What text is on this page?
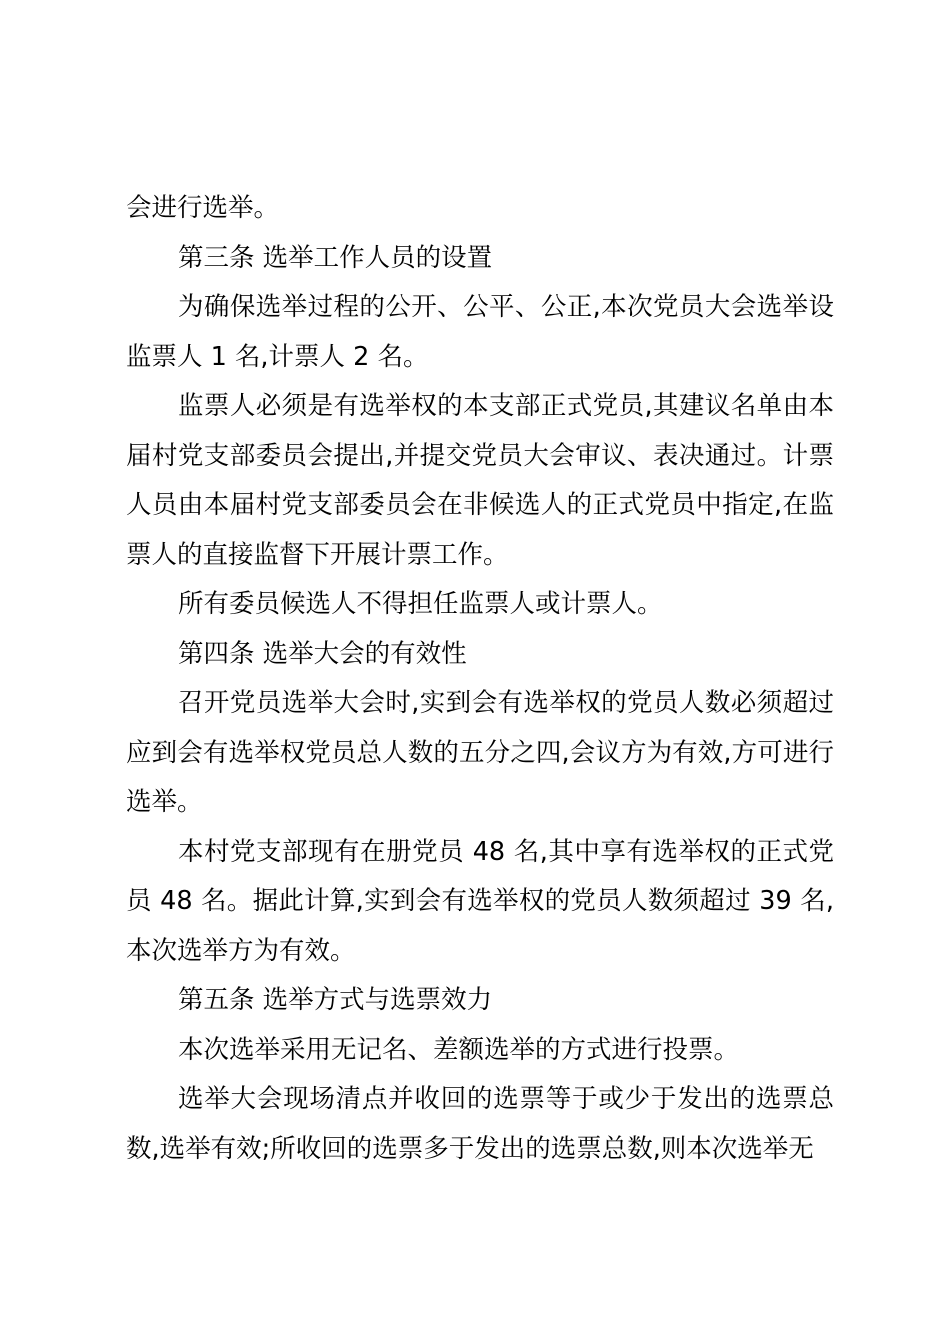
会进行选举。

第三条 选举工作人员的设置

为确保选举过程的公开、公平、公正,本次党员大会选举设监票人 1 名,计票人 2 名。

监票人必须是有选举权的本支部正式党员,其建议名单由本届村党支部委员会提出,并提交党员大会审议、表决通过。计票人员由本届村党支部委员会在非候选人的正式党员中指定,在监票人的直接监督下开展计票工作。

所有委员候选人不得担任监票人或计票人。

第四条 选举大会的有效性

召开党员选举大会时,实到会有选举权的党员人数必须超过应到会有选举权党员总人数的五分之四,会议方为有效,方可进行选举。

本村党支部现有在册党员 48 名,其中享有选举权的正式党员 48 名。据此计算,实到会有选举权的党员人数须超过 39 名,本次选举方为有效。

第五条 选举方式与选票效力

本次选举采用无记名、差额选举的方式进行投票。

选举大会现场清点并收回的选票等于或少于发出的选票总数,选举有效;所收回的选票多于发出的选票总数,则本次选举无
